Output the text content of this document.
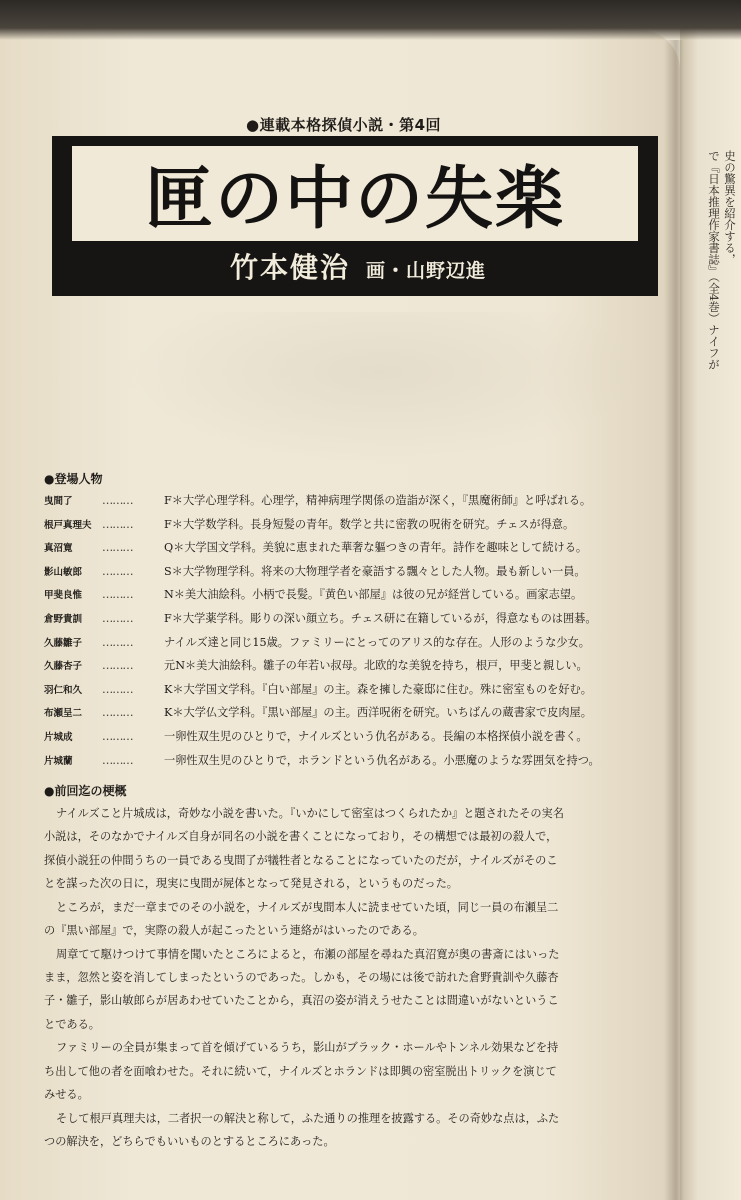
史の驚異を紹介する，
で『日本推理作家書誌』（全4巻）ナイフが
●連載本格探偵小説・第4回
匣の中の失楽
竹本健治 画・山野辺進
●登場人物
曳間了	………	F＊大学心理学科。心理学，精神病理学関係の造詣が深く，『黒魔術師』と呼ばれる。
根戸真理夫 ………	F＊大学数学科。長身短髪の青年。数学と共に密教の呪術を研究。チェスが得意。
真沼寛	………	Q＊大学国文学科。美貌に恵まれた華奢な軀つきの青年。詩作を趣味として続ける。
影山敏郎	………	S＊大学物理学科。将来の大物理学者を豪語する飄々とした人物。最も新しい一員。
甲斐良惟	………	N＊美大油絵科。小柄で長髪。『黄色い部屋』は彼の兄が経営している。画家志望。
倉野貴訓	………	F＊大学薬学科。彫りの深い顔立ち。チェス研に在籍しているが，得意なものは囲碁。
久藤雛子	………	ナイルズ達と同じ15歳。ファミリーにとってのアリス的な存在。人形のような少女。
久藤杏子	………	元N＊美大油絵科。雛子の年若い叔母。北欧的な美貌を持ち，根戸，甲斐と親しい。
羽仁和久	………	K＊大学国文学科。『白い部屋』の主。森を擁した豪邸に住む。殊に密室ものを好む。
布瀬呈二	………	K＊大学仏文学科。『黒い部屋』の主。西洋呪術を研究。いちばんの蔵書家で皮肉屋。
片城成	………	一卵性双生児のひとりで，ナイルズという仇名がある。長編の本格探偵小説を書く。
片城蘭	………	一卵性双生児のひとりで，ホランドという仇名がある。小悪魔のような雰囲気を持つ。
●前回迄の梗概
ナイルズこと片城成は，奇妙な小説を書いた。『いかにして密室はつくられたか』と題されたその実名
小説は，そのなかでナイルズ自身が同名の小説を書くことになっており，その構想では最初の殺人で，
探偵小説狂の仲間うちの一員である曳間了が犠牲者となることになっていたのだが，ナイルズがそのこ
とを謀った次の日に，現実に曳間が屍体となって発見される，というものだった。
ところが，まだ一章までのその小説を，ナイルズが曳間本人に読ませていた頃，同じ一員の布瀬呈二
の『黒い部屋』で，実際の殺人が起こったという連絡がはいったのである。
周章てて駆けつけて事情を聞いたところによると，布瀬の部屋を尋ねた真沼寛が奥の書斎にはいった
まま，忽然と姿を消してしまったというのであった。しかも，その場には後で訪れた倉野貴訓や久藤杏
子・雛子，影山敏郎らが居あわせていたことから，真沼の姿が消えうせたことは間違いがないというこ
とである。
ファミリーの全員が集まって首を傾げているうち，影山がブラック・ホールやトンネル効果などを持
ち出して他の者を面喰わせた。それに続いて，ナイルズとホランドは即興の密室脱出トリックを演じて
みせる。
そして根戸真理夫は，二者択一の解決と称して，ふた通りの推理を披露する。その奇妙な点は，ふた
つの解決を，どちらでもいいものとするところにあった。
